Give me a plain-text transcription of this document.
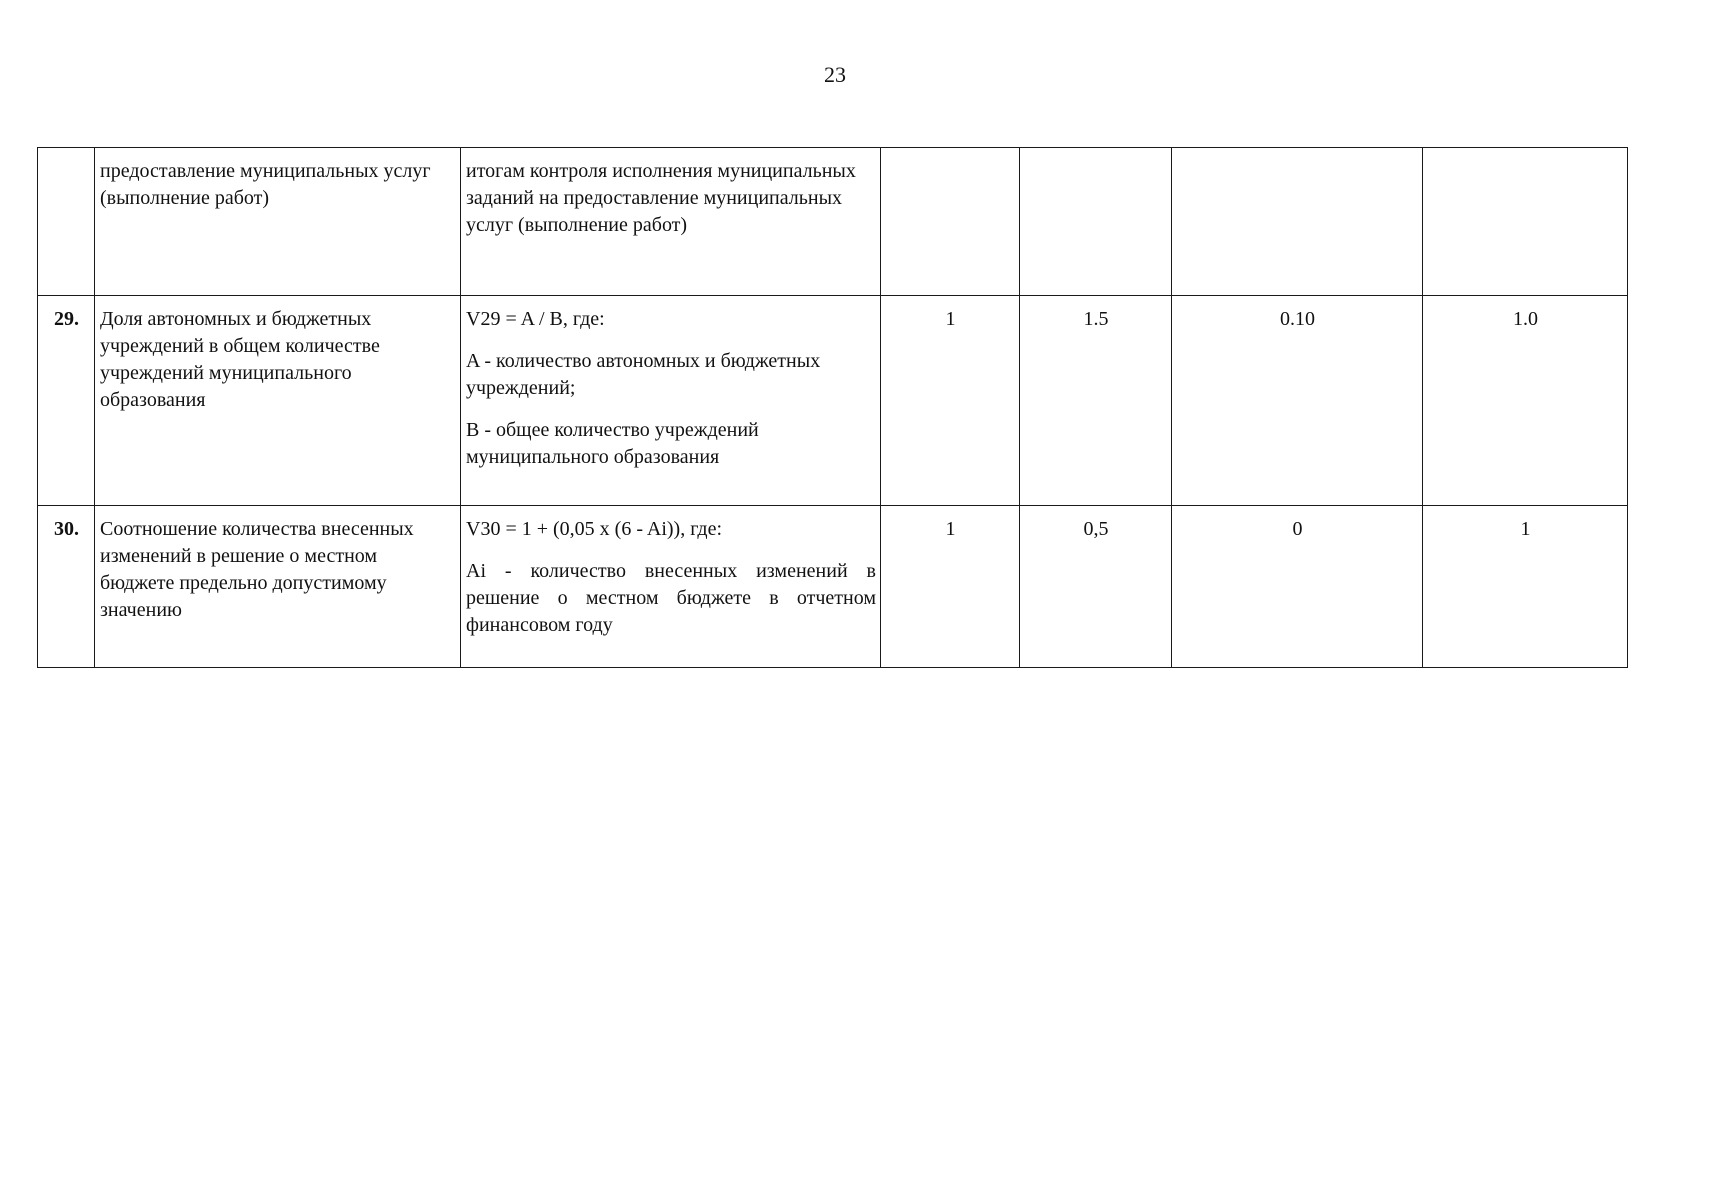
23
	предоставление муниципальных услуг (выполнение работ)	итогам контроля исполнения муниципальных заданий на предоставление муниципальных услуг (выполнение работ)				

29.	Доля автономных и бюджетных учреждений в общем количестве учреждений муниципального образования	V29 = A / B, где:

A - количество автономных и бюджетных учреждений;

B - общее количество учреждений муниципального образования	1	1.5	0.10	1.0
30.	Соотношение количества внесенных изменений в решение о местном бюджете предельно допустимому значению	V30 = 1 + (0,05 x (6 - Ai)), где:

Ai - количество внесенных изменений в решение о местном бюджете в отчетном финансовом году	1	0,5	0	1
